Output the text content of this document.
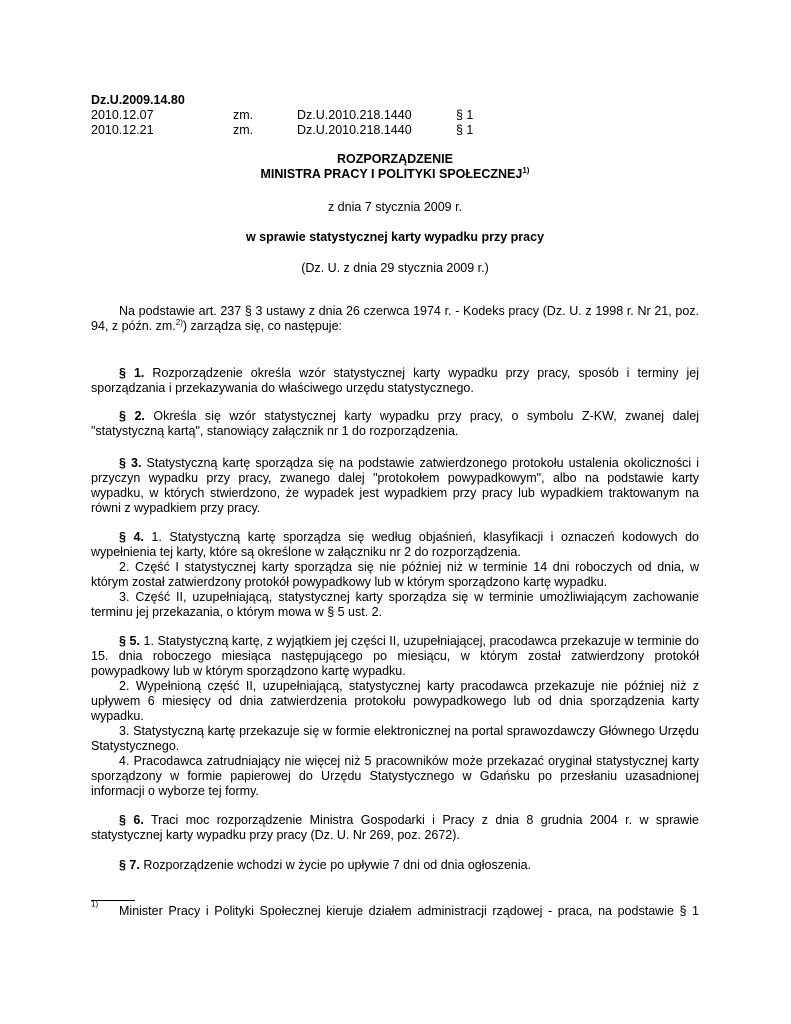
Dz.U.2009.14.80
2010.12.07	zm.	Dz.U.2010.218.1440	§ 1
2010.12.21	zm.	Dz.U.2010.218.1440	§ 1
ROZPORZĄDZENIE
MINISTRA PRACY I POLITYKI SPOŁECZNEJ$^{1)}$
z dnia 7 stycznia 2009 r.
w sprawie statystycznej karty wypadku przy pracy
(Dz. U. z dnia 29 stycznia 2009 r.)

Na podstawie art. 237 § 3 ustawy z dnia 26 czerwca 1974 r. - Kodeks pracy (Dz. U. z 1998 r. Nr 21, poz. 94, z późn. zm.$^{2)}$) zarządza się, co następuje:

§ 1. Rozporządzenie określa wzór statystycznej karty wypadku przy pracy, sposób i terminy jej sporządzania i przekazywania do właściwego urzędu statystycznego.

§ 2. Określa się wzór statystycznej karty wypadku przy pracy, o symbolu Z-KW, zwanej dalej "statystyczną kartą", stanowiący załącznik nr 1 do rozporządzenia.

§ 3. Statystyczną kartę sporządza się na podstawie zatwierdzonego protokołu ustalenia okoliczności i przyczyn wypadku przy pracy, zwanego dalej "protokołem powypadkowym", albo na podstawie karty wypadku, w których stwierdzono, że wypadek jest wypadkiem przy pracy lub wypadkiem traktowanym na równi z wypadkiem przy pracy.

§ 4. 1. Statystyczną kartę sporządza się według objaśnień, klasyfikacji i oznaczeń kodowych do wypełnienia tej karty, które są określone w załączniku nr 2 do rozporządzenia.

2. Część I statystycznej karty sporządza się nie później niż w terminie 14 dni roboczych od dnia, w którym został zatwierdzony protokół powypadkowy lub w którym sporządzono kartę wypadku.

3. Część II, uzupełniającą, statystycznej karty sporządza się w terminie umożliwiającym zachowanie terminu jej przekazania, o którym mowa w § 5 ust. 2.

§ 5. 1. Statystyczną kartę, z wyjątkiem jej części II, uzupełniającej, pracodawca przekazuje w terminie do 15. dnia roboczego miesiąca następującego po miesiącu, w którym został zatwierdzony protokół powypadkowy lub w którym sporządzono kartę wypadku.

2. Wypełnioną część II, uzupełniającą, statystycznej karty pracodawca przekazuje nie później niż z upływem 6 miesięcy od dnia zatwierdzenia protokołu powypadkowego lub od dnia sporządzenia karty wypadku.

3. Statystyczną kartę przekazuje się w formie elektronicznej na portal sprawozdawczy Głównego Urzędu Statystycznego.

4. Pracodawca zatrudniający nie więcej niż 5 pracowników może przekazać oryginał statystycznej karty sporządzony w formie papierowej do Urzędu Statystycznego w Gdańsku po przesłaniu uzasadnionej informacji o wyborze tej formy.

§ 6. Traci moc rozporządzenie Ministra Gospodarki i Pracy z dnia 8 grudnia 2004 r. w sprawie statystycznej karty wypadku przy pracy (Dz. U. Nr 269, poz. 2672).

§ 7. Rozporządzenie wchodzi w życie po upływie 7 dni od dnia ogłoszenia.

$^{1)}$
Minister Pracy i Polityki Społecznej kieruje działem administracji rządowej - praca, na podstawie § 1
